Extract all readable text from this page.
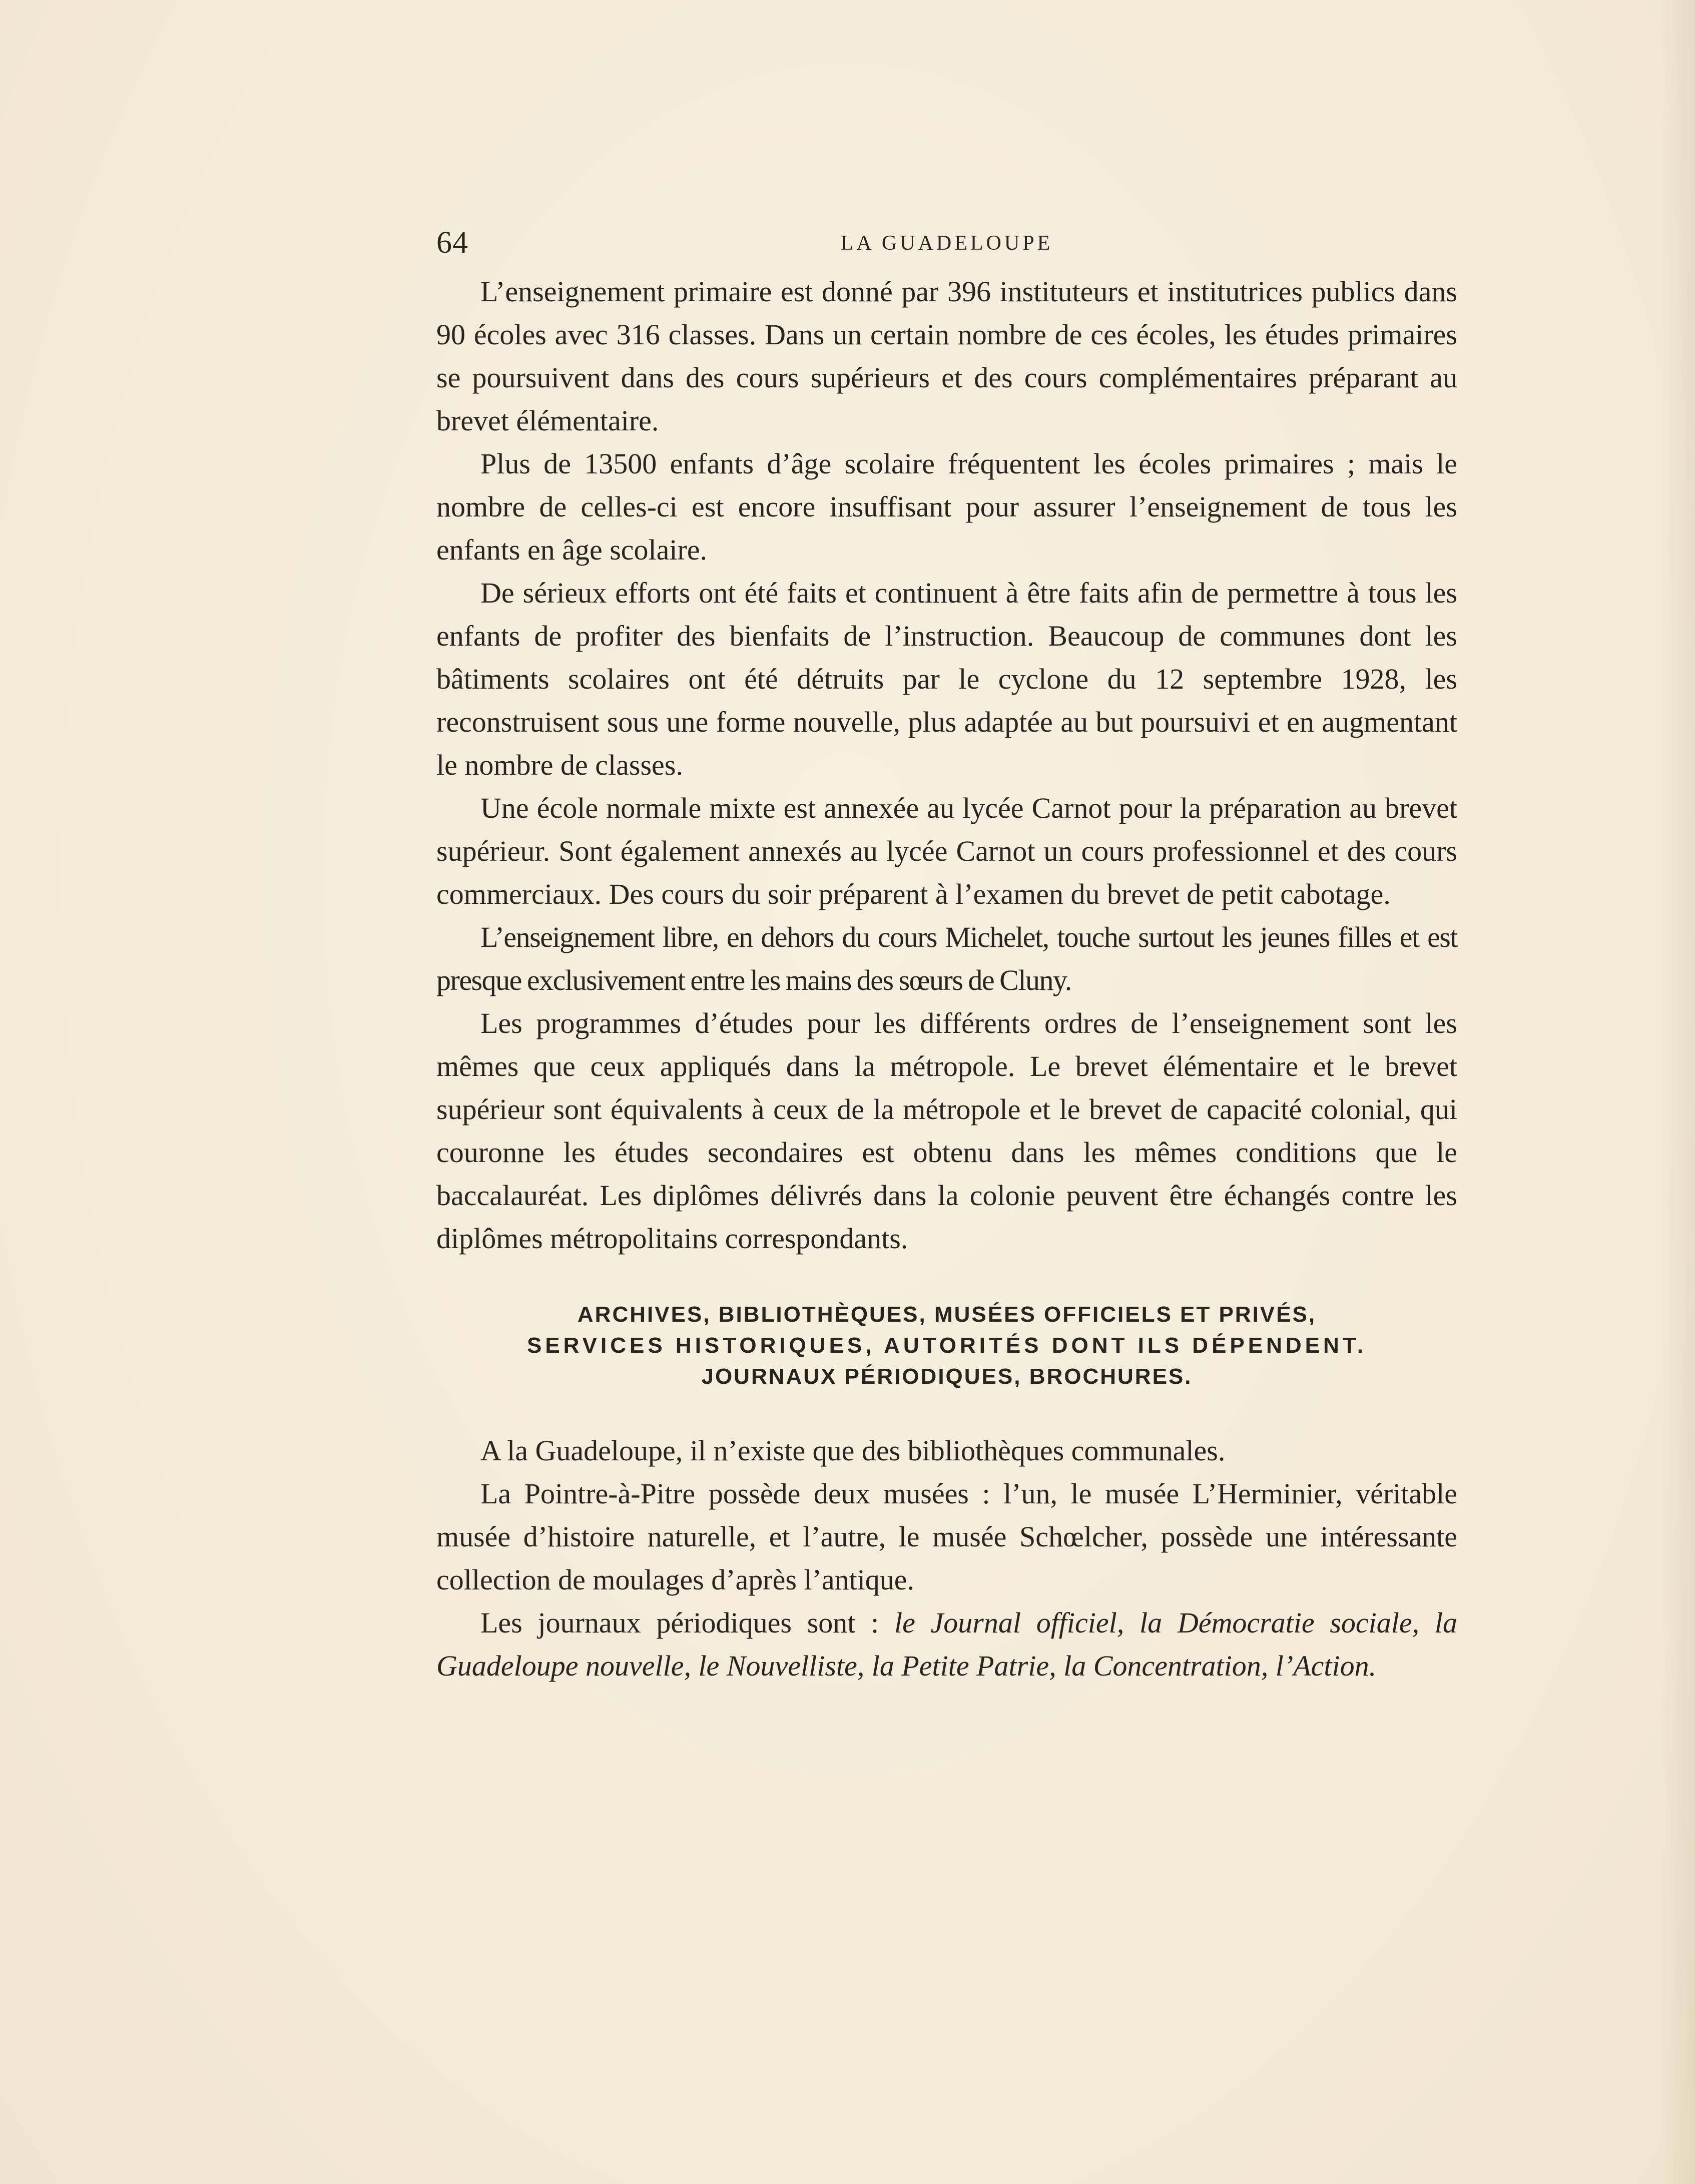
64	LA GUADELOUPE

L’enseignement primaire est donné par 396 instituteurs et institutrices publics dans 90 écoles avec 316 classes. Dans un certain nombre de ces écoles, les études primaires se poursuivent dans des cours supérieurs et des cours complémentaires préparant au brevet élémentaire.

Plus de 13500 enfants d’âge scolaire fréquentent les écoles primaires ; mais le nombre de celles-ci est encore insuffisant pour assurer l’enseignement de tous les enfants en âge scolaire.

De sérieux efforts ont été faits et continuent à être faits afin de permettre à tous les enfants de profiter des bienfaits de l’instruction. Beaucoup de communes dont les bâtiments scolaires ont été détruits par le cyclone du 12 septembre 1928, les reconstruisent sous une forme nouvelle, plus adaptée au but poursuivi et en augmentant le nombre de classes.

Une école normale mixte est annexée au lycée Carnot pour la préparation au brevet supérieur. Sont également annexés au lycée Carnot un cours professionnel et des cours commerciaux. Des cours du soir préparent à l’examen du brevet de petit cabotage.

L’enseignement libre, en dehors du cours Michelet, touche surtout les jeunes filles et est presque exclusivement entre les mains des sœurs de Cluny.

Les programmes d’études pour les différents ordres de l’enseignement sont les mêmes que ceux appliqués dans la métropole. Le brevet élémentaire et le brevet supérieur sont équivalents à ceux de la métropole et le brevet de capacité colonial, qui couronne les études secondaires est obtenu dans les mêmes conditions que le baccalauréat. Les diplômes délivrés dans la colonie peuvent être échangés contre les diplômes métropolitains correspondants.

ARCHIVES, BIBLIOTHÈQUES, MUSÉES OFFICIELS ET PRIVÉS,
SERVICES HISTORIQUES, AUTORITÉS DONT ILS DÉPENDENT.
JOURNAUX PÉRIODIQUES, BROCHURES.

A la Guadeloupe, il n’existe que des bibliothèques communales.

La Pointre-à-Pitre possède deux musées : l’un, le musée L’Herminier, véritable musée d’histoire naturelle, et l’autre, le musée Schœlcher, possède une intéressante collection de moulages d’après l’antique.

Les journaux périodiques sont : le Journal officiel, la Démocratie sociale, la Guadeloupe nouvelle, le Nouvelliste, la Petite Patrie, la Concentration, l’Action.
